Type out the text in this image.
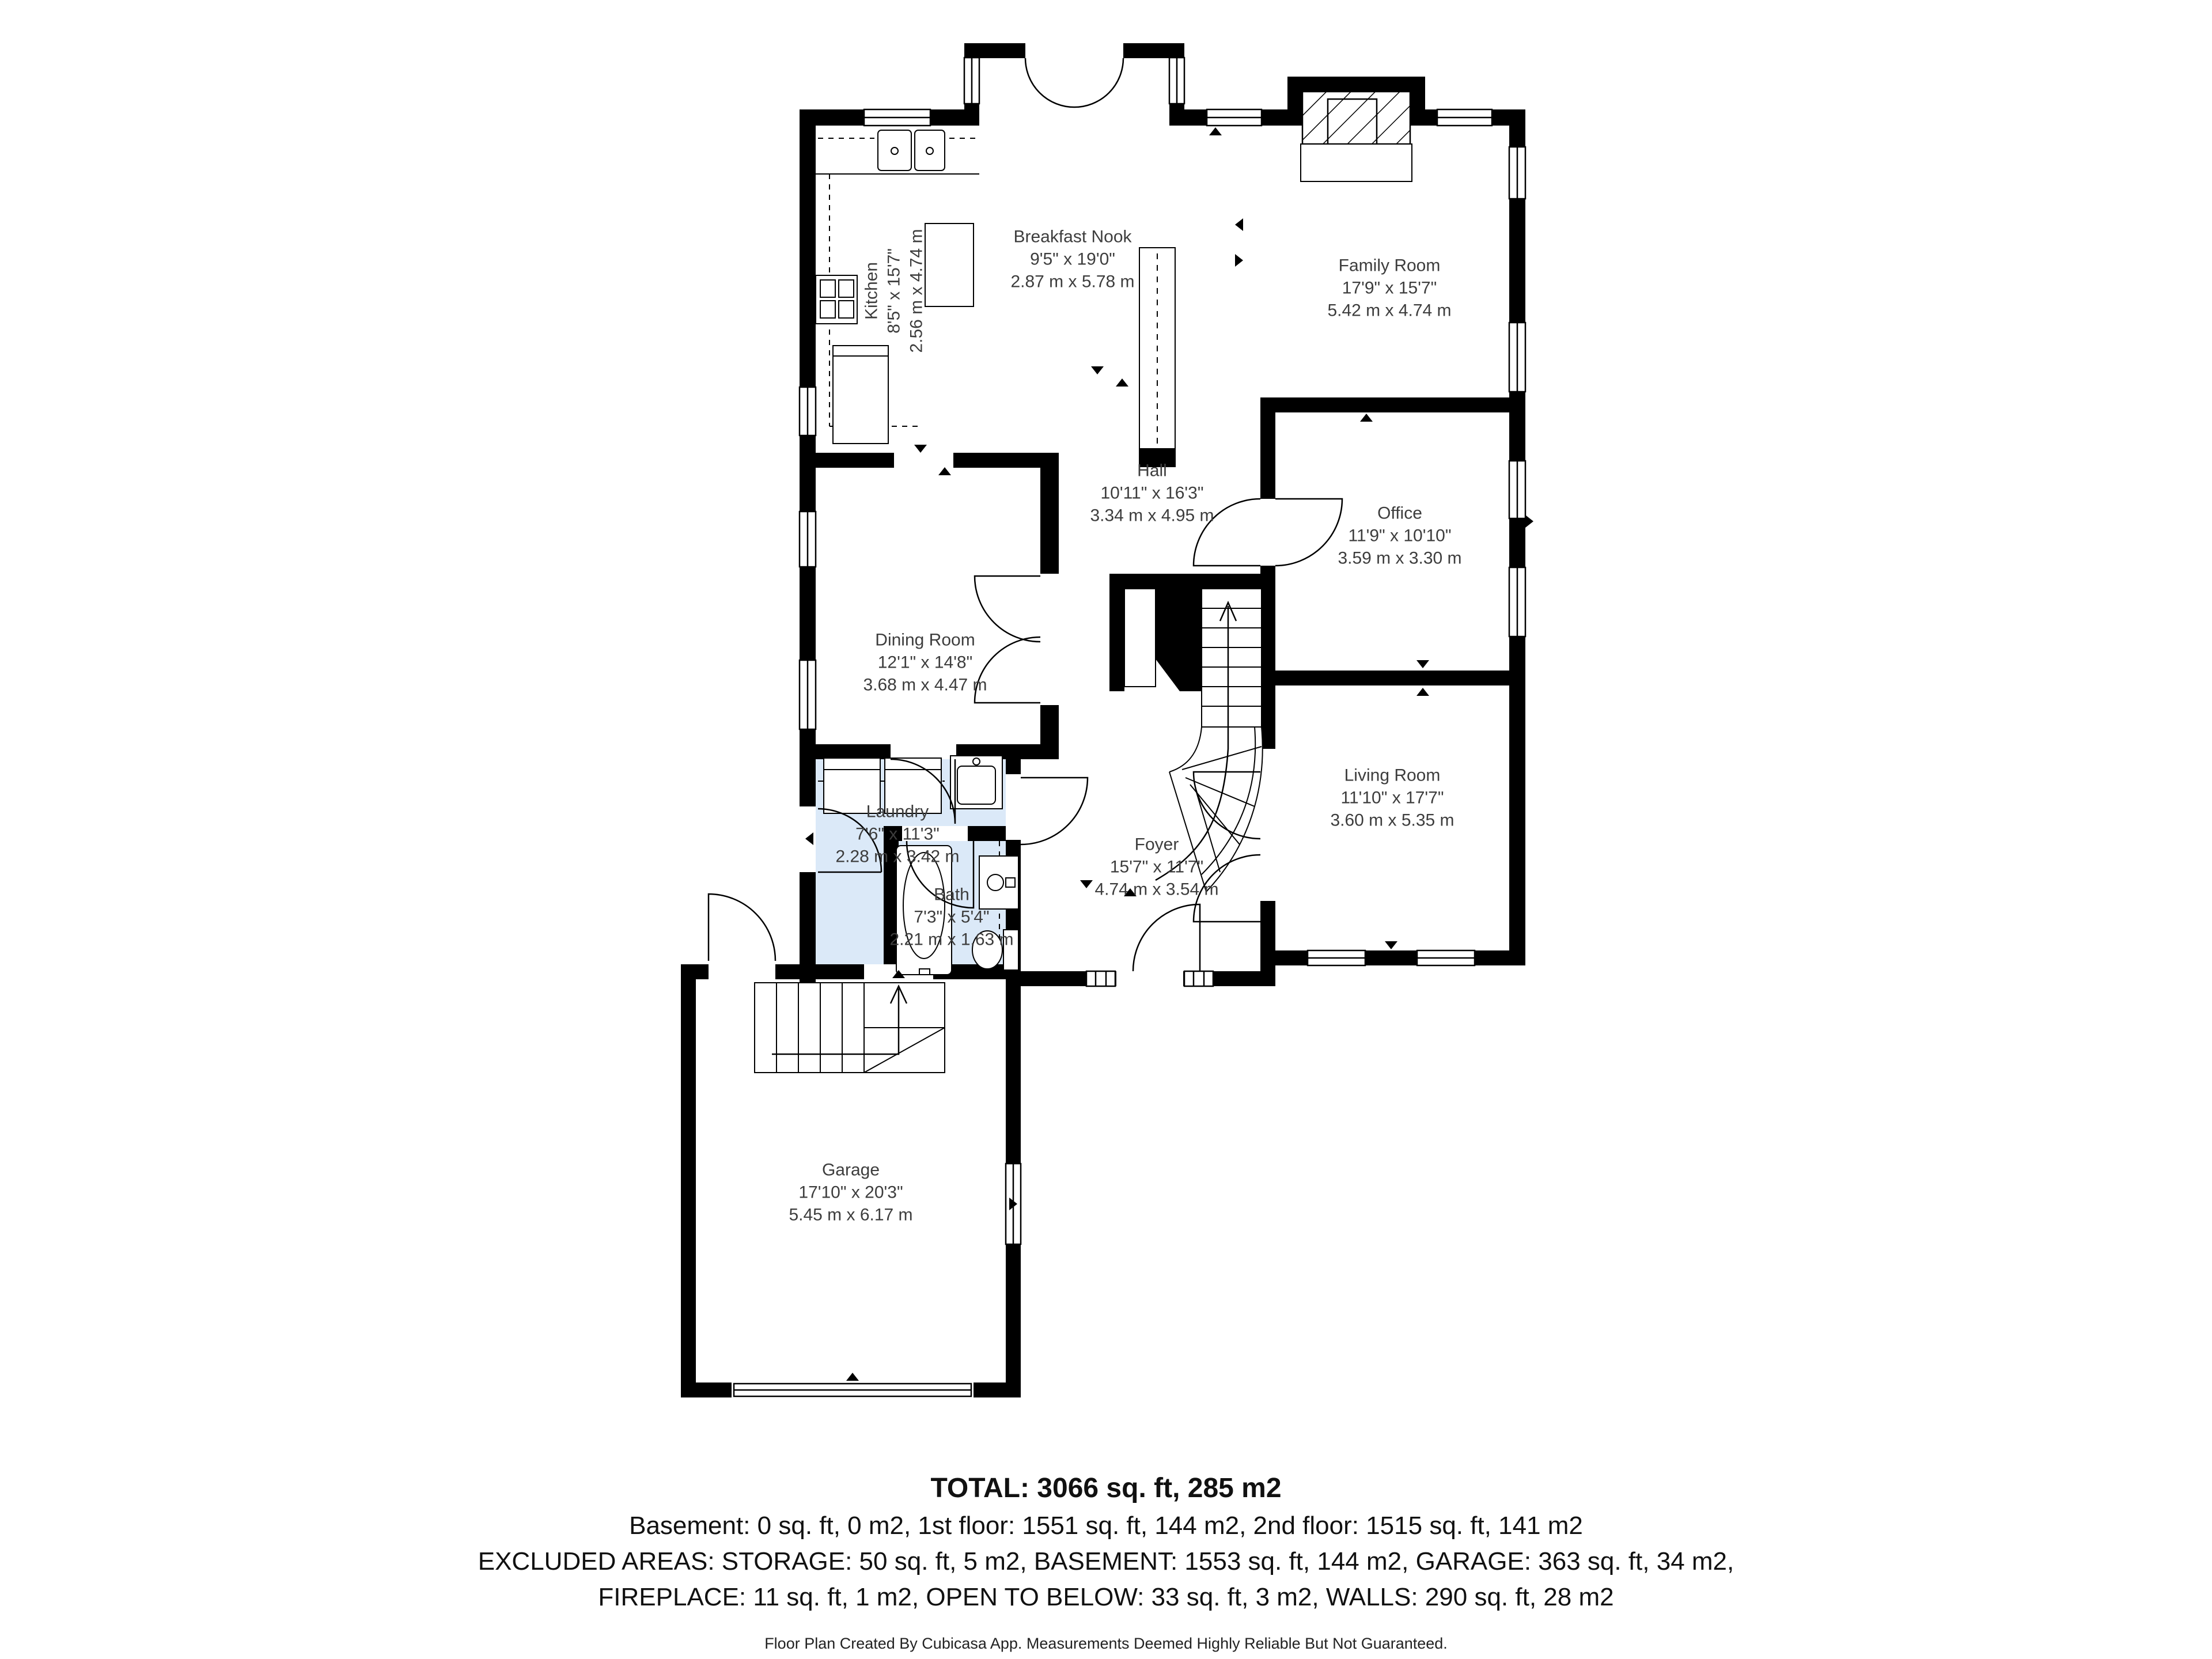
Kitchen 8'5" x 15'7" 2.56 m x 4.74 m	Breakfast Nook
9'5" x 19'0"
2.87 m x 5.78 m
Family Room
17'9" x 15'7"
5.42 m x 4.74 m
Hall
10'11" x 16'3"
3.34 m x 4.95 m	Office
11'9" x 10'10"
3.59 m x 3.30 m
Dining Room
12'1" x 14'8"
3.68 m x 4.47 m
Laundry
7'6" x 11'3"
2.28 m x 3.42 m
Bath
7'3" x 5'4"
2.21 m x 1.63 m
Foyer
15'7" x 11'7"
4.74 m x 3.54 m
Living Room
11'10" x 17'7"
3.60 m x 5.35 m
Garage
17'10" x 20'3"
5.45 m x 6.17 m
TOTAL: 3066 sq. ft, 285 m2
Basement: 0 sq. ft, 0 m2, 1st floor: 1551 sq. ft, 144 m2, 2nd floor: 1515 sq. ft, 141 m2
EXCLUDED AREAS: STORAGE: 50 sq. ft, 5 m2, BASEMENT: 1553 sq. ft, 144 m2, GARAGE: 363 sq. ft, 34 m2,
FIREPLACE: 11 sq. ft, 1 m2, OPEN TO BELOW: 33 sq. ft, 3 m2, WALLS: 290 sq. ft, 28 m2
Floor Plan Created By Cubicasa App. Measurements Deemed Highly Reliable But Not Guaranteed.
